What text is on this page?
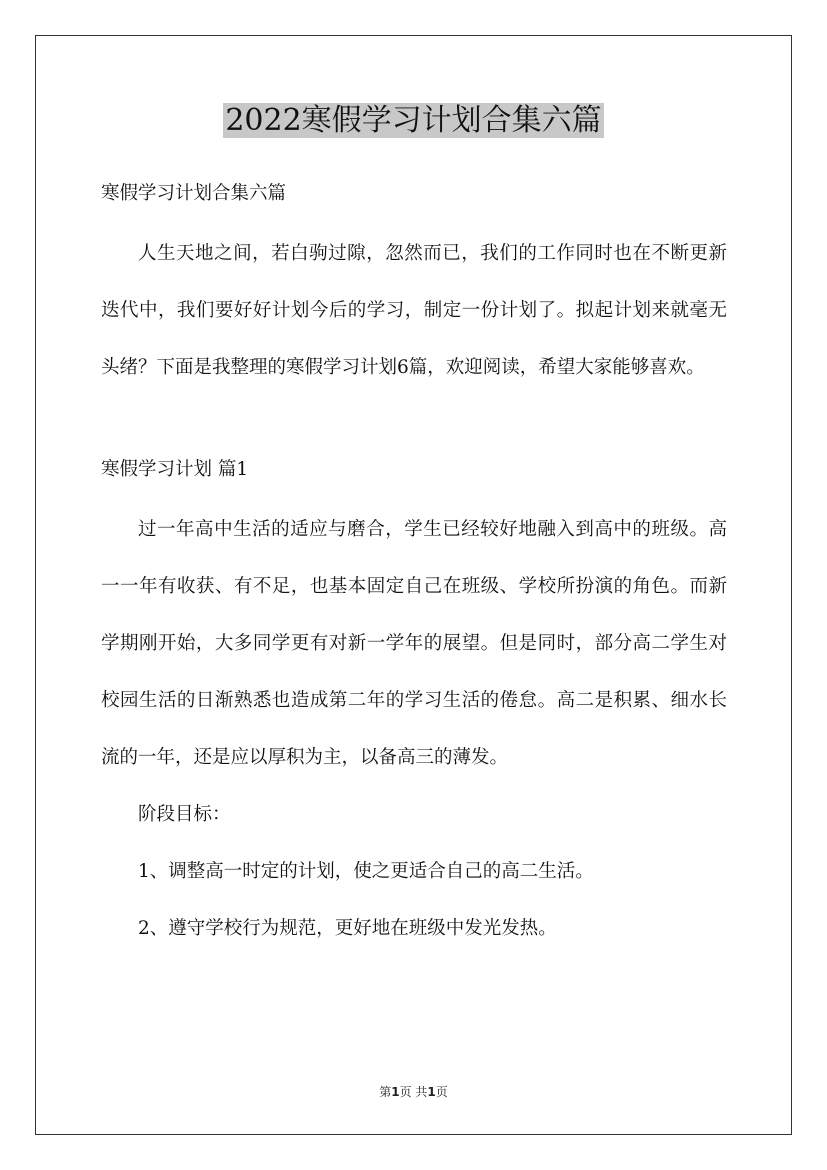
2022寒假学习计划合集六篇

寒假学习计划合集六篇

人生天地之间，若白驹过隙，忽然而已，我们的工作同时也在不断更新迭代中，我们要好好计划今后的学习，制定一份计划了。拟起计划来就毫无头绪？下面是我整理的寒假学习计划6篇，欢迎阅读，希望大家能够喜欢。

寒假学习计划 篇1

过一年高中生活的适应与磨合，学生已经较好地融入到高中的班级。高一一年有收获、有不足，也基本固定自己在班级、学校所扮演的角色。而新学期刚开始，大多同学更有对新一学年的展望。但是同时，部分高二学生对校园生活的日渐熟悉也造成第二年的学习生活的倦怠。高二是积累、细水长流的一年，还是应以厚积为主，以备高三的薄发。

阶段目标：

1、调整高一时定的计划，使之更适合自己的高二生活。

2、遵守学校行为规范，更好地在班级中发光发热。

第1页 共1页
